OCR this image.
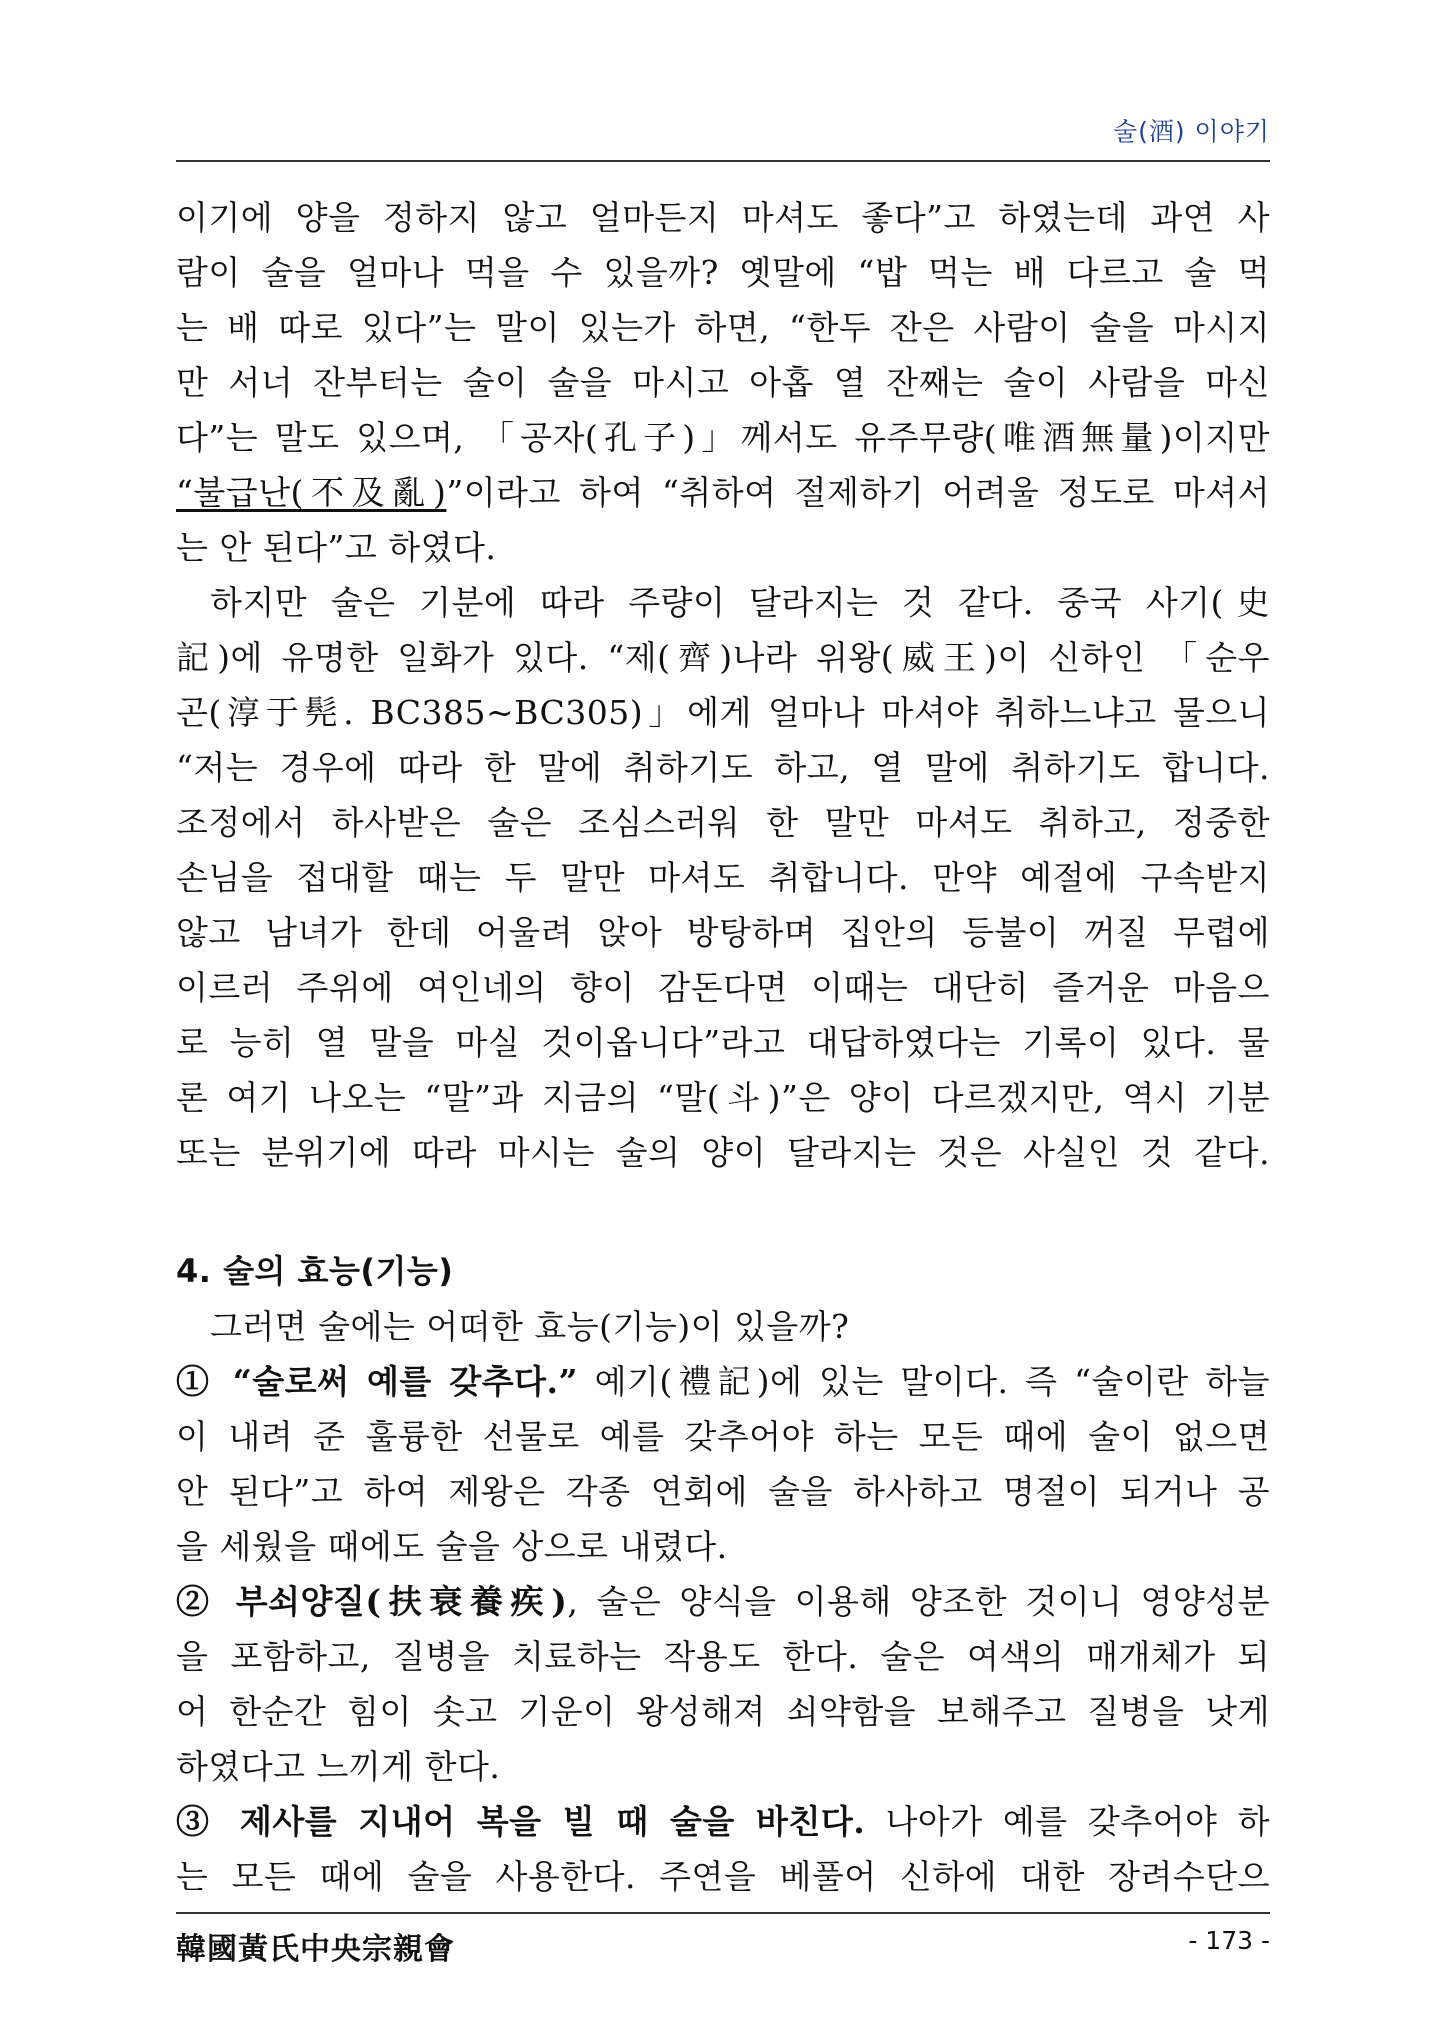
술(酒) 이야기
이기에 양을 정하지 않고 얼마든지 마셔도 좋다”고 하였는데 과연 사
람이 술을 얼마나 먹을 수 있을까? 옛말에 “밥 먹는 배 다르고 술 먹
는 배 따로 있다”는 말이 있는가 하면, “한두 잔은 사람이 술을 마시지
만 서너 잔부터는 술이 술을 마시고 아홉 열 잔째는 술이 사람을 마신
다”는 말도 있으며, 「공자(孔子)」께서도 유주무량(唯酒無量)이지만
“불급난(不及亂)”이라고 하여 “취하여 절제하기 어려울 정도로 마셔서
는 안 된다”고 하였다.
하지만 술은 기분에 따라 주량이 달라지는 것 같다. 중국 사기(史
記)에 유명한 일화가 있다. “제(齊)나라 위왕(威王)이 신하인 「순우
곤(淳于髡. BC385~BC305)」에게 얼마나 마셔야 취하느냐고 물으니
“저는 경우에 따라 한 말에 취하기도 하고, 열 말에 취하기도 합니다.
조정에서 하사받은 술은 조심스러워 한 말만 마셔도 취하고, 정중한
손님을 접대할 때는 두 말만 마셔도 취합니다. 만약 예절에 구속받지
않고 남녀가 한데 어울려 앉아 방탕하며 집안의 등불이 꺼질 무렵에
이르러 주위에 여인네의 향이 감돈다면 이때는 대단히 즐거운 마음으
로 능히 열 말을 마실 것이옵니다”라고 대답하였다는 기록이 있다. 물
론 여기 나오는 “말”과 지금의 “말(斗)”은 양이 다르겠지만, 역시 기분
또는 분위기에 따라 마시는 술의 양이 달라지는 것은 사실인 것 같다.
4. 술의 효능(기능)
그러면 술에는 어떠한 효능(기능)이 있을까?
① “술로써 예를 갖추다.” 예기(禮記)에 있는 말이다. 즉 “술이란 하늘
이 내려 준 훌륭한 선물로 예를 갖추어야 하는 모든 때에 술이 없으면
안 된다”고 하여 제왕은 각종 연회에 술을 하사하고 명절이 되거나 공
을 세웠을 때에도 술을 상으로 내렸다.
② 부쇠양질(扶衰養疾), 술은 양식을 이용해 양조한 것이니 영양성분
을 포함하고, 질병을 치료하는 작용도 한다. 술은 여색의 매개체가 되
어 한순간 힘이 솟고 기운이 왕성해져 쇠약함을 보해주고 질병을 낫게
하였다고 느끼게 한다.
③ 제사를 지내어 복을 빌 때 술을 바친다. 나아가 예를 갖추어야 하
는 모든 때에 술을 사용한다. 주연을 베풀어 신하에 대한 장려수단으
韓國黃氏中央宗親會	- 173 -
